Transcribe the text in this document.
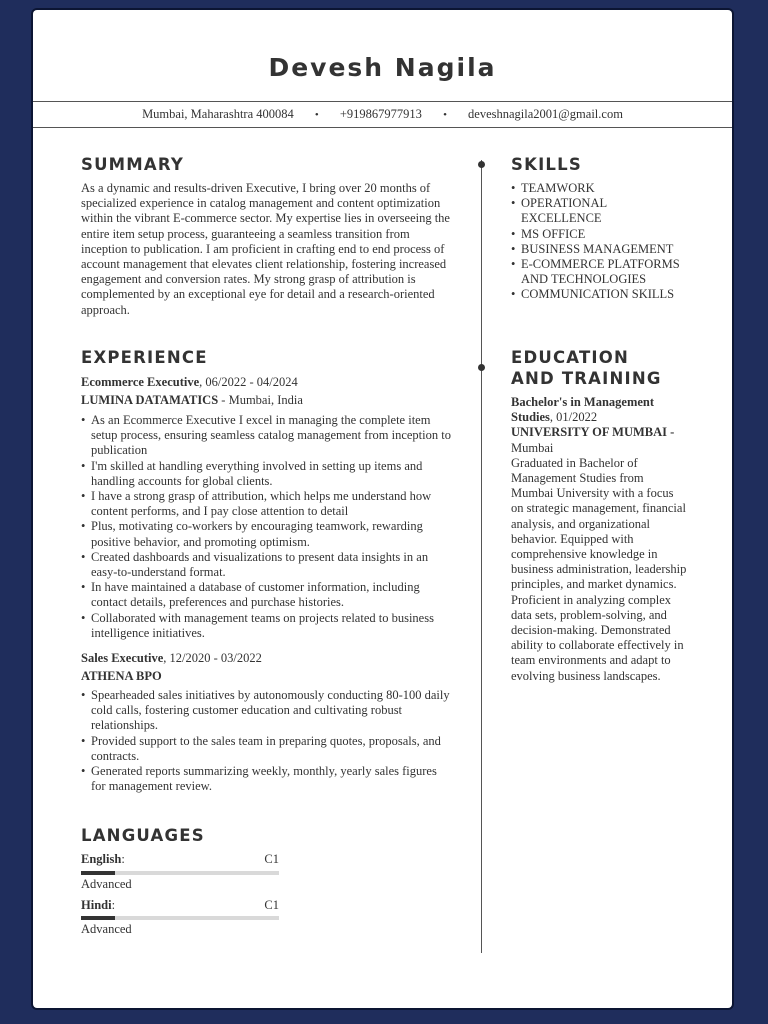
Devesh Nagila
Mumbai, Maharashtra 400084 • +919867977913 • deveshnagila2001@gmail.com
SUMMARY
As a dynamic and results-driven Executive, I bring over 20 months of specialized experience in catalog management and content optimization within the vibrant E-commerce sector. My expertise lies in overseeing the entire item setup process, guaranteeing a seamless transition from inception to publication. I am proficient in crafting end to end process of account management that elevates client relationship, fostering increased engagement and conversion rates. My strong grasp of attribution is complemented by an exceptional eye for detail and a research-oriented approach.
SKILLS
• TEAMWORK
• OPERATIONAL EXCELLENCE
• MS OFFICE
• BUSINESS MANAGEMENT
• E-COMMERCE PLATFORMS AND TECHNOLOGIES
• COMMUNICATION SKILLS
EXPERIENCE
Ecommerce Executive, 06/2022 - 04/2024
LUMINA DATAMATICS - Mumbai, India
• As an Ecommerce Executive I excel in managing the complete item setup process, ensuring seamless catalog management from inception to publication
• I'm skilled at handling everything involved in setting up items and handling accounts for global clients.
• I have a strong grasp of attribution, which helps me understand how content performs, and I pay close attention to detail
• Plus, motivating co-workers by encouraging teamwork, rewarding positive behavior, and promoting optimism.
• Created dashboards and visualizations to present data insights in an easy-to-understand format.
• In have maintained a database of customer information, including contact details, preferences and purchase histories.
• Collaborated with management teams on projects related to business intelligence initiatives.
Sales Executive, 12/2020 - 03/2022
ATHENA BPO
• Spearheaded sales initiatives by autonomously conducting 80-100 daily cold calls, fostering customer education and cultivating robust relationships.
• Provided support to the sales team in preparing quotes, proposals, and contracts.
• Generated reports summarizing weekly, monthly, yearly sales figures for management review.
EDUCATION
AND TRAINING
Bachelor's in Management Studies, 01/2022
UNIVERSITY OF MUMBAI -
Mumbai
Graduated in Bachelor of Management Studies from Mumbai University with a focus on strategic management, financial analysis, and organizational behavior. Equipped with comprehensive knowledge in business administration, leadership principles, and market dynamics. Proficient in analyzing complex data sets, problem-solving, and decision-making. Demonstrated ability to collaborate effectively in team environments and adapt to evolving business landscapes.
LANGUAGES
English:	C1
Advanced
Hindi:	C1
Advanced
